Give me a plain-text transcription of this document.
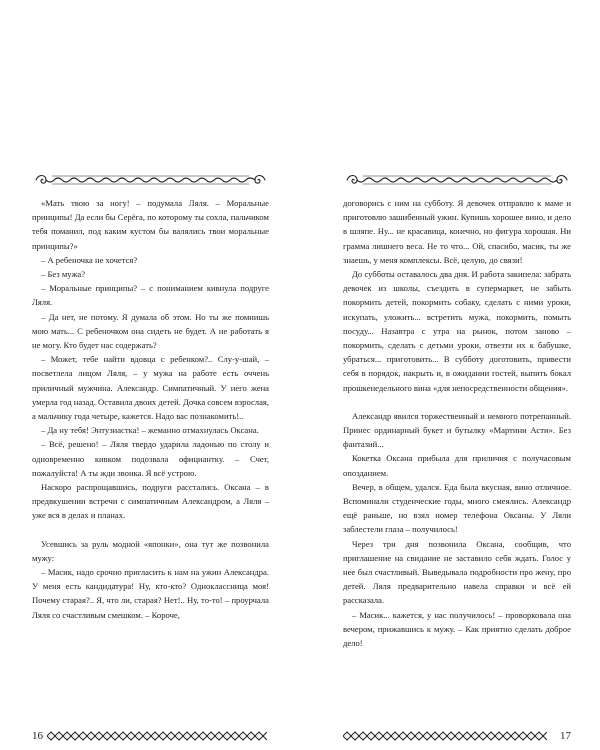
«Мать твою за ногу! – подумала Ляля. – Моральные принципы! Да если бы Серёга, по которому ты сохла, пальчиком тебя поманил, под каким кустом бы валялись твои моральные принципы?»

– А ребеночка не хочется?

– Без мужа?

– Моральные принципы? – с пониманием кивнула подруге Ляля.

– Да нет, не потому. Я думала об этом. Но ты же помнишь мою мать... С ребеночком она сидеть не будет. А не работать я не могу. Кто будет нас содержать?

– Может, тебе найти вдовца с ребенком?.. Слу-у-шай, – посветлела лицом Ляля, – у мужа на работе есть оччень приличный мужчина. Александр. Симпатичный. У него жена умерла год назад. Оставила двоих детей. Дочка совсем взрослая, а мальчику года четыре, кажется. Надо вас познакомить!..

– Да ну тебя! Энтузиастка! – жеманно отмахнулась Оксана.

– Всё, решено! – Ляля твердо ударила ладонью по столу и одновременно кивком подозвала официантку. – Счет, пожалуйста! А ты жди звонка. Я всё устрою.

Наскоро распрощавшись, подруги расстались. Оксана – в предвкушении встречи с симпатичным Александром, а Ляля – уже вся в делах и планах.

Усевшись за руль модной «японки», она тут же позвонила мужу:

– Масик, надо срочно пригласить к нам на ужин Александра. У меня есть кандидатура! Ну, кто-кто? Одноклассница моя! Почему старая?.. Я, что ли, старая? Нет!.. Ну, то-то! – проурчала Ляля со счастливым смешком. – Короче,

16

договорись с ним на субботу. Я девочек отправлю к маме и приготовлю зашибенный ужин. Купишь хорошее вино, и дело в шляпе. Ну... не красавица, конечно, но фигура хорошая. Ни грамма лишнего веса. Не то что... Ой, спасибо, масик, ты же знаешь, у меня комплексы. Всё, целую, до связи!

До субботы оставалось два дня. И работа закипела: забрать девочек из школы, съездить в супермаркет, не забыть покормить детей, покормить собаку, сделать с ними уроки, искупать, уложить... встретить мужа, покормить, помыть посуду... Назавтра с утра на рынок, потом заново – покормить, сделать с детьми уроки, отвезти их к бабушке, убраться... приготовить... В субботу доготовить, привести себя в порядок, накрыть и, в ожидании гостей, выпить бокал прошкенедельного вина «для непосредственности общения».

Александр явился торжественный и немного потрепанный. Принес ординарный букет и бутылку «Мартини Асти». Без фантазий...

Кокетка Оксана прибыла для приличия с получасовым опозданием.

Вечер, в общем, удался. Еда была вкусная, вино отличное. Вспоминали студенческие годы, много смеялись. Александр ещё раньше, но взял номер телефона Оксаны. У Ляли заблестели глаза – получилось!

Через три дня позвонила Оксана, сообщив, что приглашение на свидание не заставило себя ждать. Голос у нее был счастливый. Выведывала подробности про жену, про детей. Ляля предварительно навела справки и всё ей рассказала.

– Масик... кажется, у нас получилось! – проворковала она вечером, прижавшись к мужу. – Как приятно сделать доброе дело!

17
